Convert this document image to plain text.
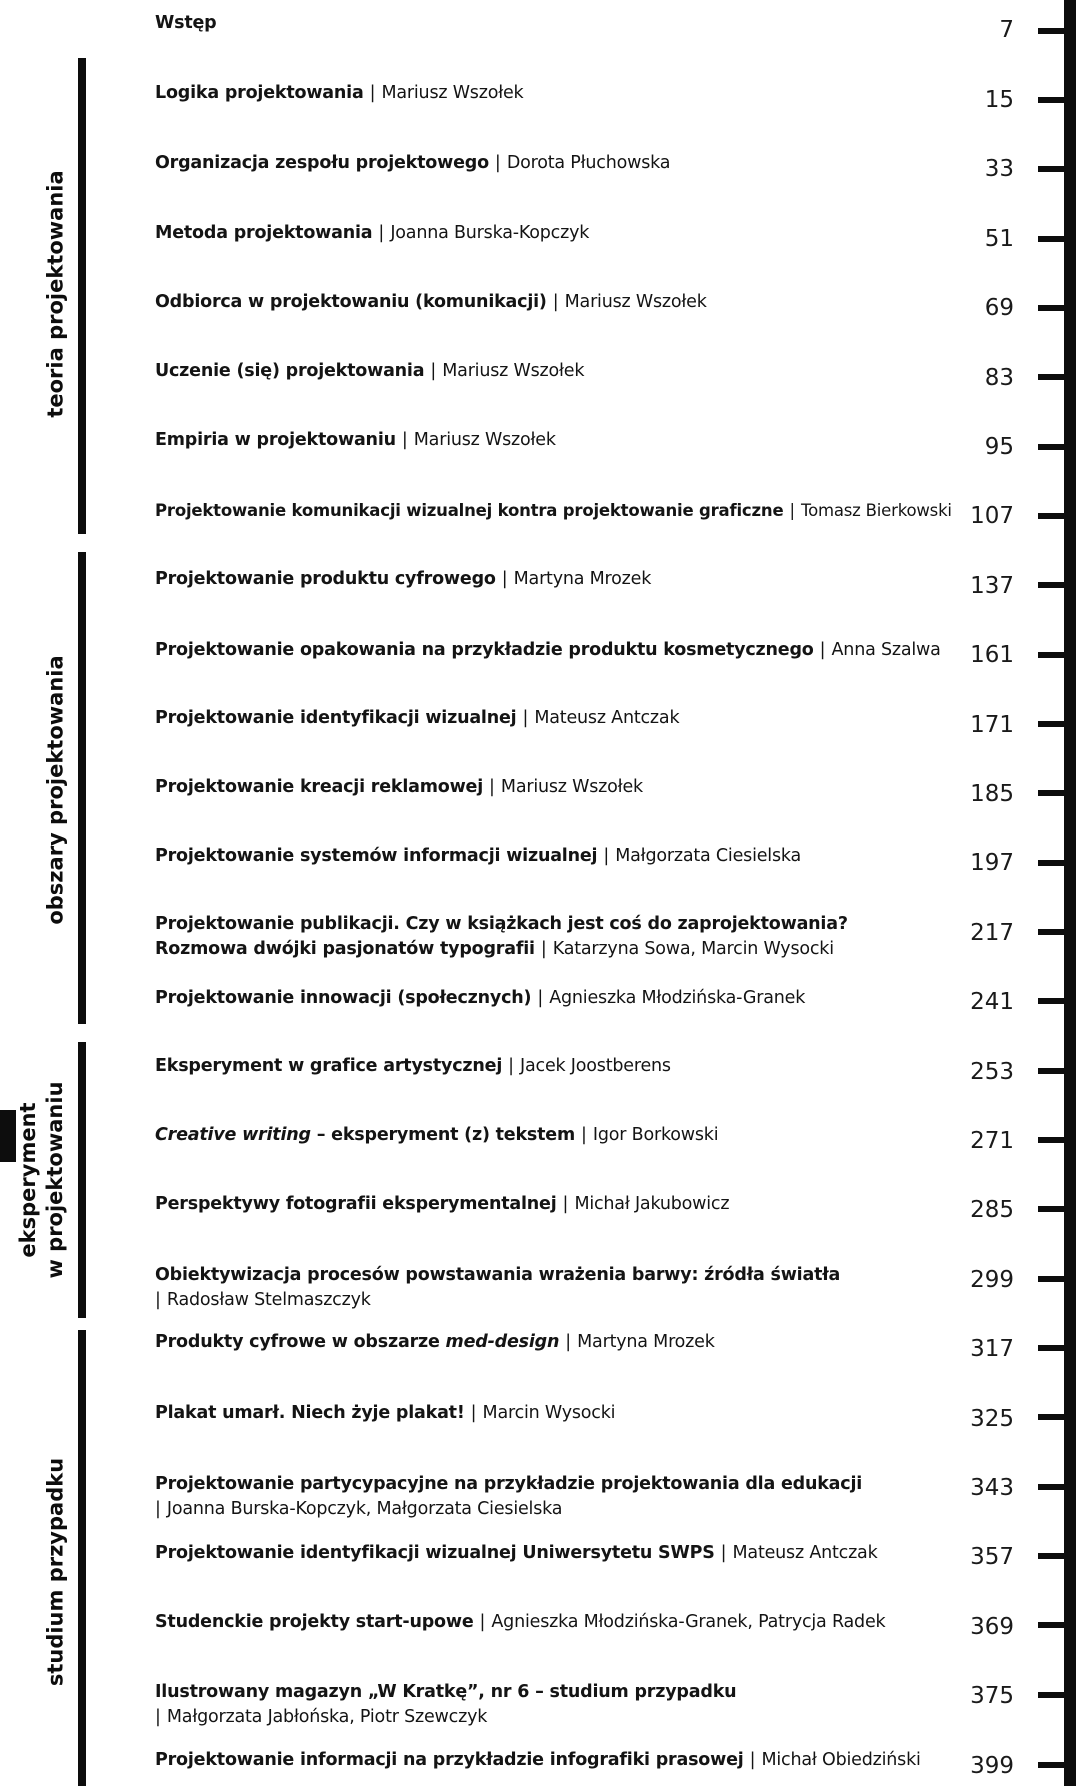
teoria projektowania
obszary projektowania
eksperyment w projektowaniu
studium przypadku
Wstęp
Logika projektowania | Mariusz Wszołek
Organizacja zespołu projektowego | Dorota Płuchowska
Metoda projektowania | Joanna Burska-Kopczyk
Odbiorca w projektowaniu (komunikacji) | Mariusz Wszołek
Uczenie (się) projektowania | Mariusz Wszołek
Empiria w projektowaniu | Mariusz Wszołek
Projektowanie komunikacji wizualnej kontra projektowanie graficzne | Tomasz Bierkowski
Projektowanie produktu cyfrowego | Martyna Mrozek
Projektowanie opakowania na przykładzie produktu kosmetycznego | Anna Szalwa
Projektowanie identyfikacji wizualnej | Mateusz Antczak
Projektowanie kreacji reklamowej | Mariusz Wszołek
Projektowanie systemów informacji wizualnej | Małgorzata Ciesielska
Projektowanie publikacji. Czy w książkach jest coś do zaprojektowania?
Rozmowa dwójki pasjonatów typografii | Katarzyna Sowa, Marcin Wysocki
Projektowanie innowacji (społecznych) | Agnieszka Młodzińska-Granek
Eksperyment w grafice artystycznej | Jacek Joostberens
Creative writing – eksperyment (z) tekstem | Igor Borkowski
Perspektywy fotografii eksperymentalnej | Michał Jakubowicz
Obiektywizacja procesów powstawania wrażenia barwy: źródła światła
| Radosław Stelmaszczyk
Produkty cyfrowe w obszarze med-design | Martyna Mrozek
Plakat umarł. Niech żyje plakat! | Marcin Wysocki
Projektowanie partycypacyjne na przykładzie projektowania dla edukacji
| Joanna Burska-Kopczyk, Małgorzata Ciesielska
Projektowanie identyfikacji wizualnej Uniwersytetu SWPS | Mateusz Antczak
Studenckie projekty start-upowe | Agnieszka Młodzińska-Granek, Patrycja Radek
Ilustrowany magazyn „W Kratkę”, nr 6 – studium przypadku
| Małgorzata Jabłońska, Piotr Szewczyk
Projektowanie informacji na przykładzie infografiki prasowej | Michał Obiedziński
7
15
33
51
69
83
95
107
137
161
171
185
197
217
241
253
271
285
299
317
325
343
357
369
375
399
